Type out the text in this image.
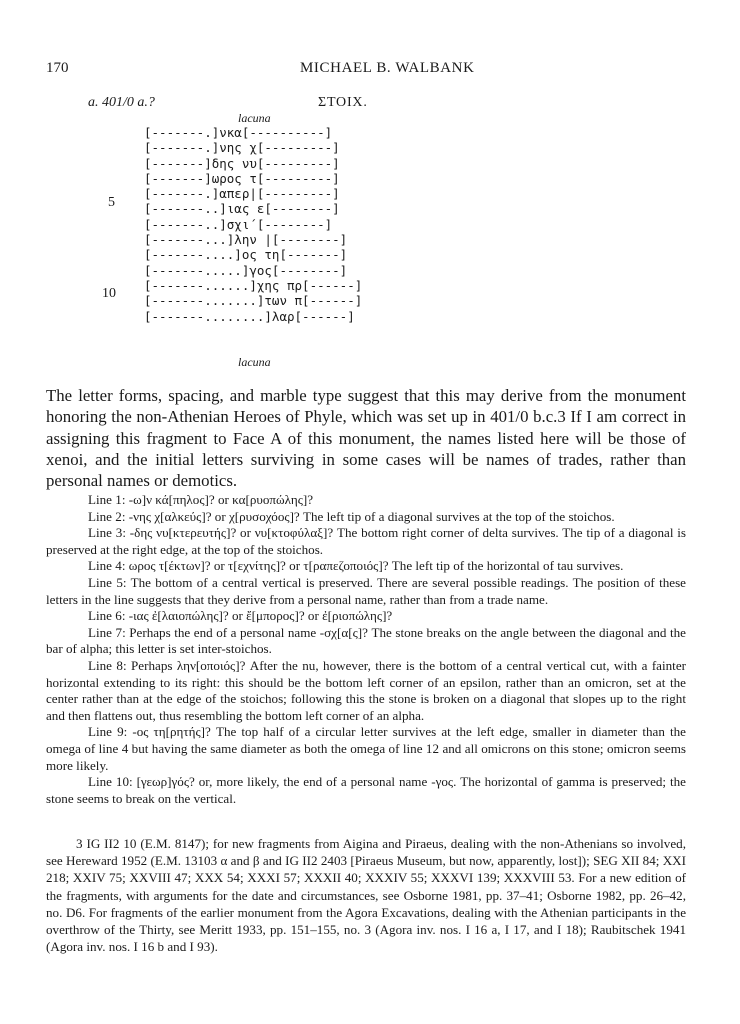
170	MICHAEL B. WALBANK
a. 401/0 a.?	ΣΤΟΙΧ.
lacuna
[-------.]νκα[----------]
[-------.]νης χ[---------]
[-------]δης νυ[---------]
[-------]ωρος τ[---------]
[-------.]απερ|[---------]
[-------..]ιας ε[--------]
[-------..]σχι´[--------]
[-------...]λην |[--------]
[-------....]ος τη[-------]
[-------.....]γος[--------]
[-------......]χης πρ[------]
[-------.......]των π[------]
[-------........]λαρ[------]
5
10
lacuna
The letter forms, spacing, and marble type suggest that this may derive from the monument honoring the non-Athenian Heroes of Phyle, which was set up in 401/0 b.c.3 If I am correct in assigning this fragment to Face A of this monument, the names listed here will be those of xenoi, and the initial letters surviving in some cases will be names of trades, rather than personal names or demotics.
Line 1: -ω]ν κά[πηλος]? or κα[ρυοπώλης]?
Line 2: -νης χ[αλκεύς]? or χ[ρυσοχόος]? The left tip of a diagonal survives at the top of the stoichos.
Line 3: -δης νυ[κτερευτής]? or νυ[κτοφύλαξ]? The bottom right corner of delta survives. The tip of a diagonal is preserved at the right edge, at the top of the stoichos.
Line 4: ωρος τ[έκτων]? or τ[εχνίτης]? or τ[ραπεζοποιός]? The left tip of the horizontal of tau survives.
Line 5: The bottom of a central vertical is preserved. There are several possible readings. The position of these letters in the line suggests that they derive from a personal name, rather than from a trade name.
Line 6: -ιας ἐ[λαιοπώλης]? or ἔ[μπορος]? or ἐ[ριοπώλης]?
Line 7: Perhaps the end of a personal name -σχ[α[ς]? The stone breaks on the angle between the diagonal and the bar of alpha; this letter is set inter-stoichos.
Line 8: Perhaps λην[οποιός]? After the nu, however, there is the bottom of a central vertical cut, with a fainter horizontal extending to its right: this should be the bottom left corner of an epsilon, rather than an omicron, set at the center rather than at the edge of the stoichos; following this the stone is broken on a diagonal that slopes up to the right and then flattens out, thus resembling the bottom left corner of an alpha.
Line 9: -ος τη[ρητής]? The top half of a circular letter survives at the left edge, smaller in diameter than the omega of line 4 but having the same diameter as both the omega of line 12 and all omicrons on this stone; omicron seems more likely.
Line 10: [γεωρ]γός? or, more likely, the end of a personal name -γος. The horizontal of gamma is preserved; the stone seems to break on the vertical.
3 IG II2 10 (E.M. 8147); for new fragments from Aigina and Piraeus, dealing with the non-Athenians so involved, see Hereward 1952 (E.M. 13103 α and β and IG II2 2403 [Piraeus Museum, but now, apparently, lost]); SEG XII 84; XXI 218; XXIV 75; XXVIII 47; XXX 54; XXXI 57; XXXII 40; XXXIV 55; XXXVI 139; XXXVIII 53. For a new edition of the fragments, with arguments for the date and circumstances, see Osborne 1981, pp. 37–41; Osborne 1982, pp. 26–42, no. D6. For fragments of the earlier monument from the Agora Excavations, dealing with the Athenian participants in the overthrow of the Thirty, see Meritt 1933, pp. 151–155, no. 3 (Agora inv. nos. I 16 a, I 17, and I 18); Raubitschek 1941 (Agora inv. nos. I 16 b and I 93).
